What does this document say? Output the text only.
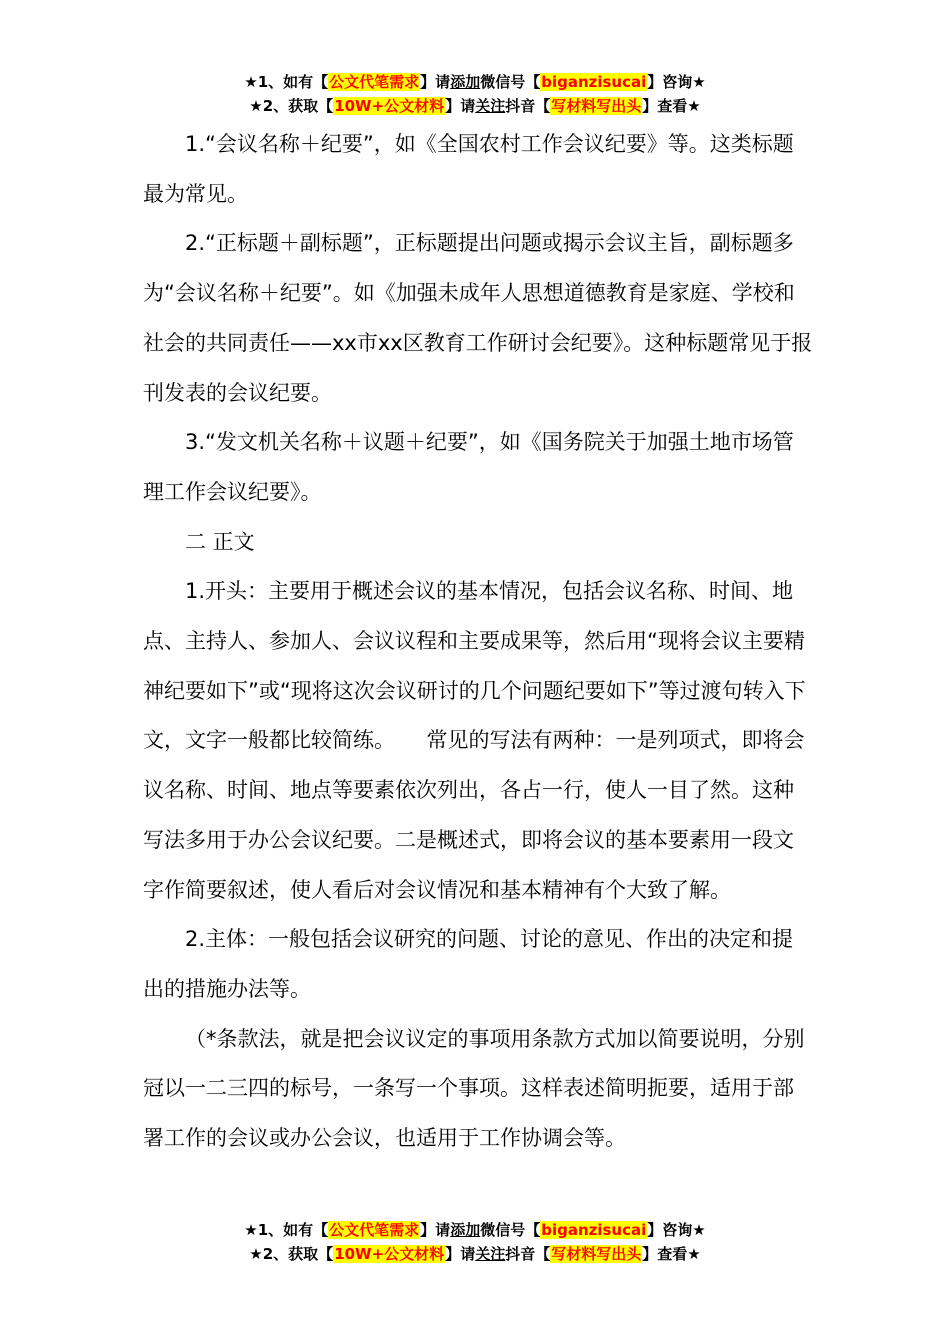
★1、如有【公文代笔需求】请添加微信号【biganzisucai】咨询★
★2、获取【10W+公文材料】请关注抖音【写材料写出头】查看★

1.“会议名称＋纪要”，如《全国农村工作会议纪要》等。这类标题最为常见。

2.“正标题＋副标题”，正标题提出问题或揭示会议主旨，副标题多为“会议名称＋纪要”。如《加强未成年人思想道德教育是家庭、学校和社会的共同责任——xx市xx区教育工作研讨会纪要》。这种标题常见于报刊发表的会议纪要。

3.“发文机关名称＋议题＋纪要”，如《国务院关于加强土地市场管理工作会议纪要》。

二 正文

1.开头：主要用于概述会议的基本情况，包括会议名称、时间、地点、主持人、参加人、会议议程和主要成果等，然后用“现将会议主要精神纪要如下”或“现将这次会议研讨的几个问题纪要如下”等过渡句转入下文，文字一般都比较简练。　　常见的写法有两种：一是列项式，即将会议名称、时间、地点等要素依次列出，各占一行，使人一目了然。这种写法多用于办公会议纪要。二是概述式，即将会议的基本要素用一段文字作简要叙述，使人看后对会议情况和基本精神有个大致了解。

2.主体：一般包括会议研究的问题、讨论的意见、作出的决定和提出的措施办法等。

（*条款法，就是把会议议定的事项用条款方式加以简要说明，分别冠以一二三四的标号，一条写一个事项。这样表述简明扼要，适用于部署工作的会议或办公会议，也适用于工作协调会等。

★1、如有【公文代笔需求】请添加微信号【biganzisucai】咨询★
★2、获取【10W+公文材料】请关注抖音【写材料写出头】查看★
